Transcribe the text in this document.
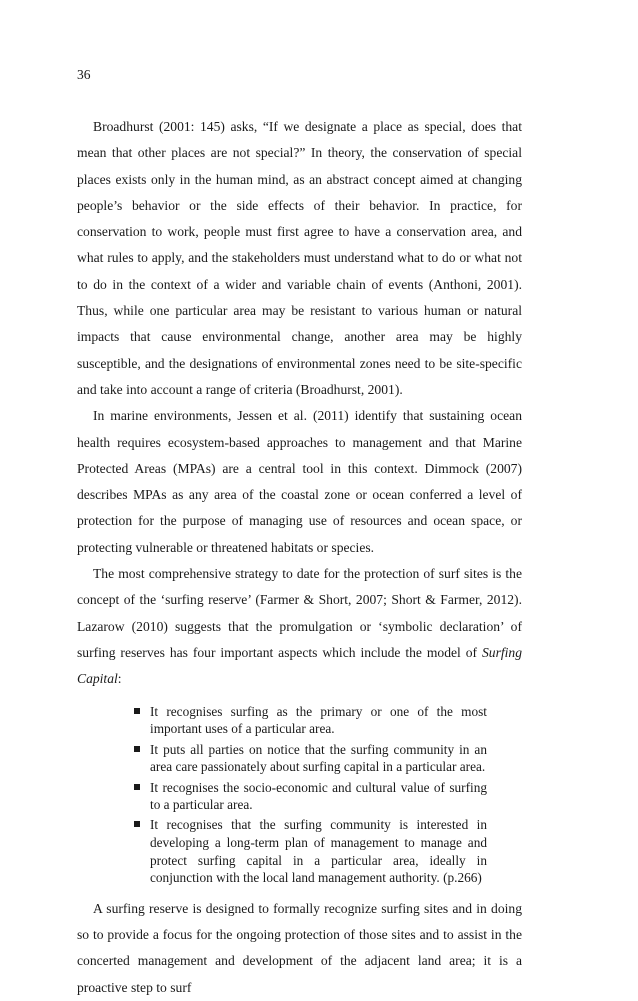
36

Broadhurst (2001: 145) asks, “If we designate a place as special, does that mean that other places are not special?” In theory, the conservation of special places exists only in the human mind, as an abstract concept aimed at changing people’s behavior or the side effects of their behavior. In practice, for conservation to work, people must first agree to have a conservation area, and what rules to apply, and the stakeholders must understand what to do or what not to do in the context of a wider and variable chain of events (Anthoni, 2001). Thus, while one particular area may be resistant to various human or natural impacts that cause environmental change, another area may be highly susceptible, and the designations of environmental zones need to be site-specific and take into account a range of criteria (Broadhurst, 2001).

In marine environments, Jessen et al. (2011) identify that sustaining ocean health requires ecosystem-based approaches to management and that Marine Protected Areas (MPAs) are a central tool in this context. Dimmock (2007) describes MPAs as any area of the coastal zone or ocean conferred a level of protection for the purpose of managing use of resources and ocean space, or protecting vulnerable or threatened habitats or species.

The most comprehensive strategy to date for the protection of surf sites is the concept of the ‘surfing reserve’ (Farmer & Short, 2007; Short & Farmer, 2012). Lazarow (2010) suggests that the promulgation or ‘symbolic declaration’ of surfing reserves has four important aspects which include the model of Surfing Capital:

It recognises surfing as the primary or one of the most important uses of a particular area.
It puts all parties on notice that the surfing community in an area care passionately about surfing capital in a particular area.
It recognises the socio-economic and cultural value of surfing to a particular area.
It recognises that the surfing community is interested in developing a long-term plan of management to manage and protect surfing capital in a particular area, ideally in conjunction with the local land management authority. (p.266)

A surfing reserve is designed to formally recognize surfing sites and in doing so to provide a focus for the ongoing protection of those sites and to assist in the concerted management and development of the adjacent land area; it is a proactive step to surf
